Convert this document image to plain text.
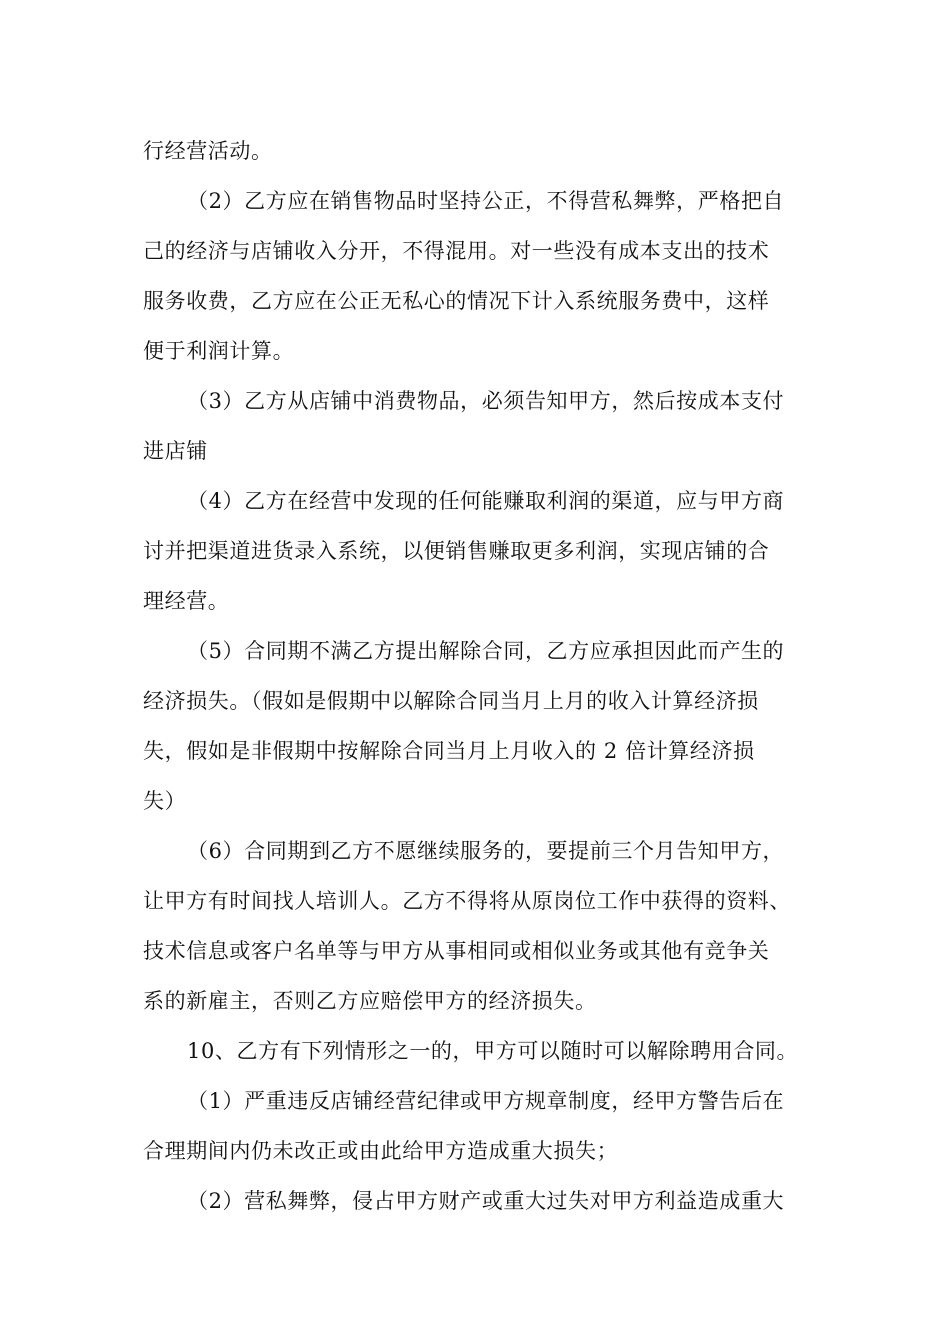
行经营活动。
（2）乙方应在销售物品时坚持公正，不得营私舞弊，严格把自
己的经济与店铺收入分开，不得混用。对一些没有成本支出的技术
服务收费，乙方应在公正无私心的情况下计入系统服务费中，这样
便于利润计算。
（3）乙方从店铺中消费物品，必须告知甲方，然后按成本支付
进店铺
（4）乙方在经营中发现的任何能赚取利润的渠道，应与甲方商
讨并把渠道进货录入系统，以便销售赚取更多利润，实现店铺的合
理经营。
（5）合同期不满乙方提出解除合同，乙方应承担因此而产生的
经济损失。（假如是假期中以解除合同当月上月的收入计算经济损
失，假如是非假期中按解除合同当月上月收入的 2 倍计算经济损
失）
（6）合同期到乙方不愿继续服务的，要提前三个月告知甲方，
让甲方有时间找人培训人。乙方不得将从原岗位工作中获得的资料、
技术信息或客户名单等与甲方从事相同或相似业务或其他有竞争关
系的新雇主，否则乙方应赔偿甲方的经济损失。
10、乙方有下列情形之一的，甲方可以随时可以解除聘用合同。
（1）严重违反店铺经营纪律或甲方规章制度，经甲方警告后在
合理期间内仍未改正或由此给甲方造成重大损失；
（2）营私舞弊，侵占甲方财产或重大过失对甲方利益造成重大
